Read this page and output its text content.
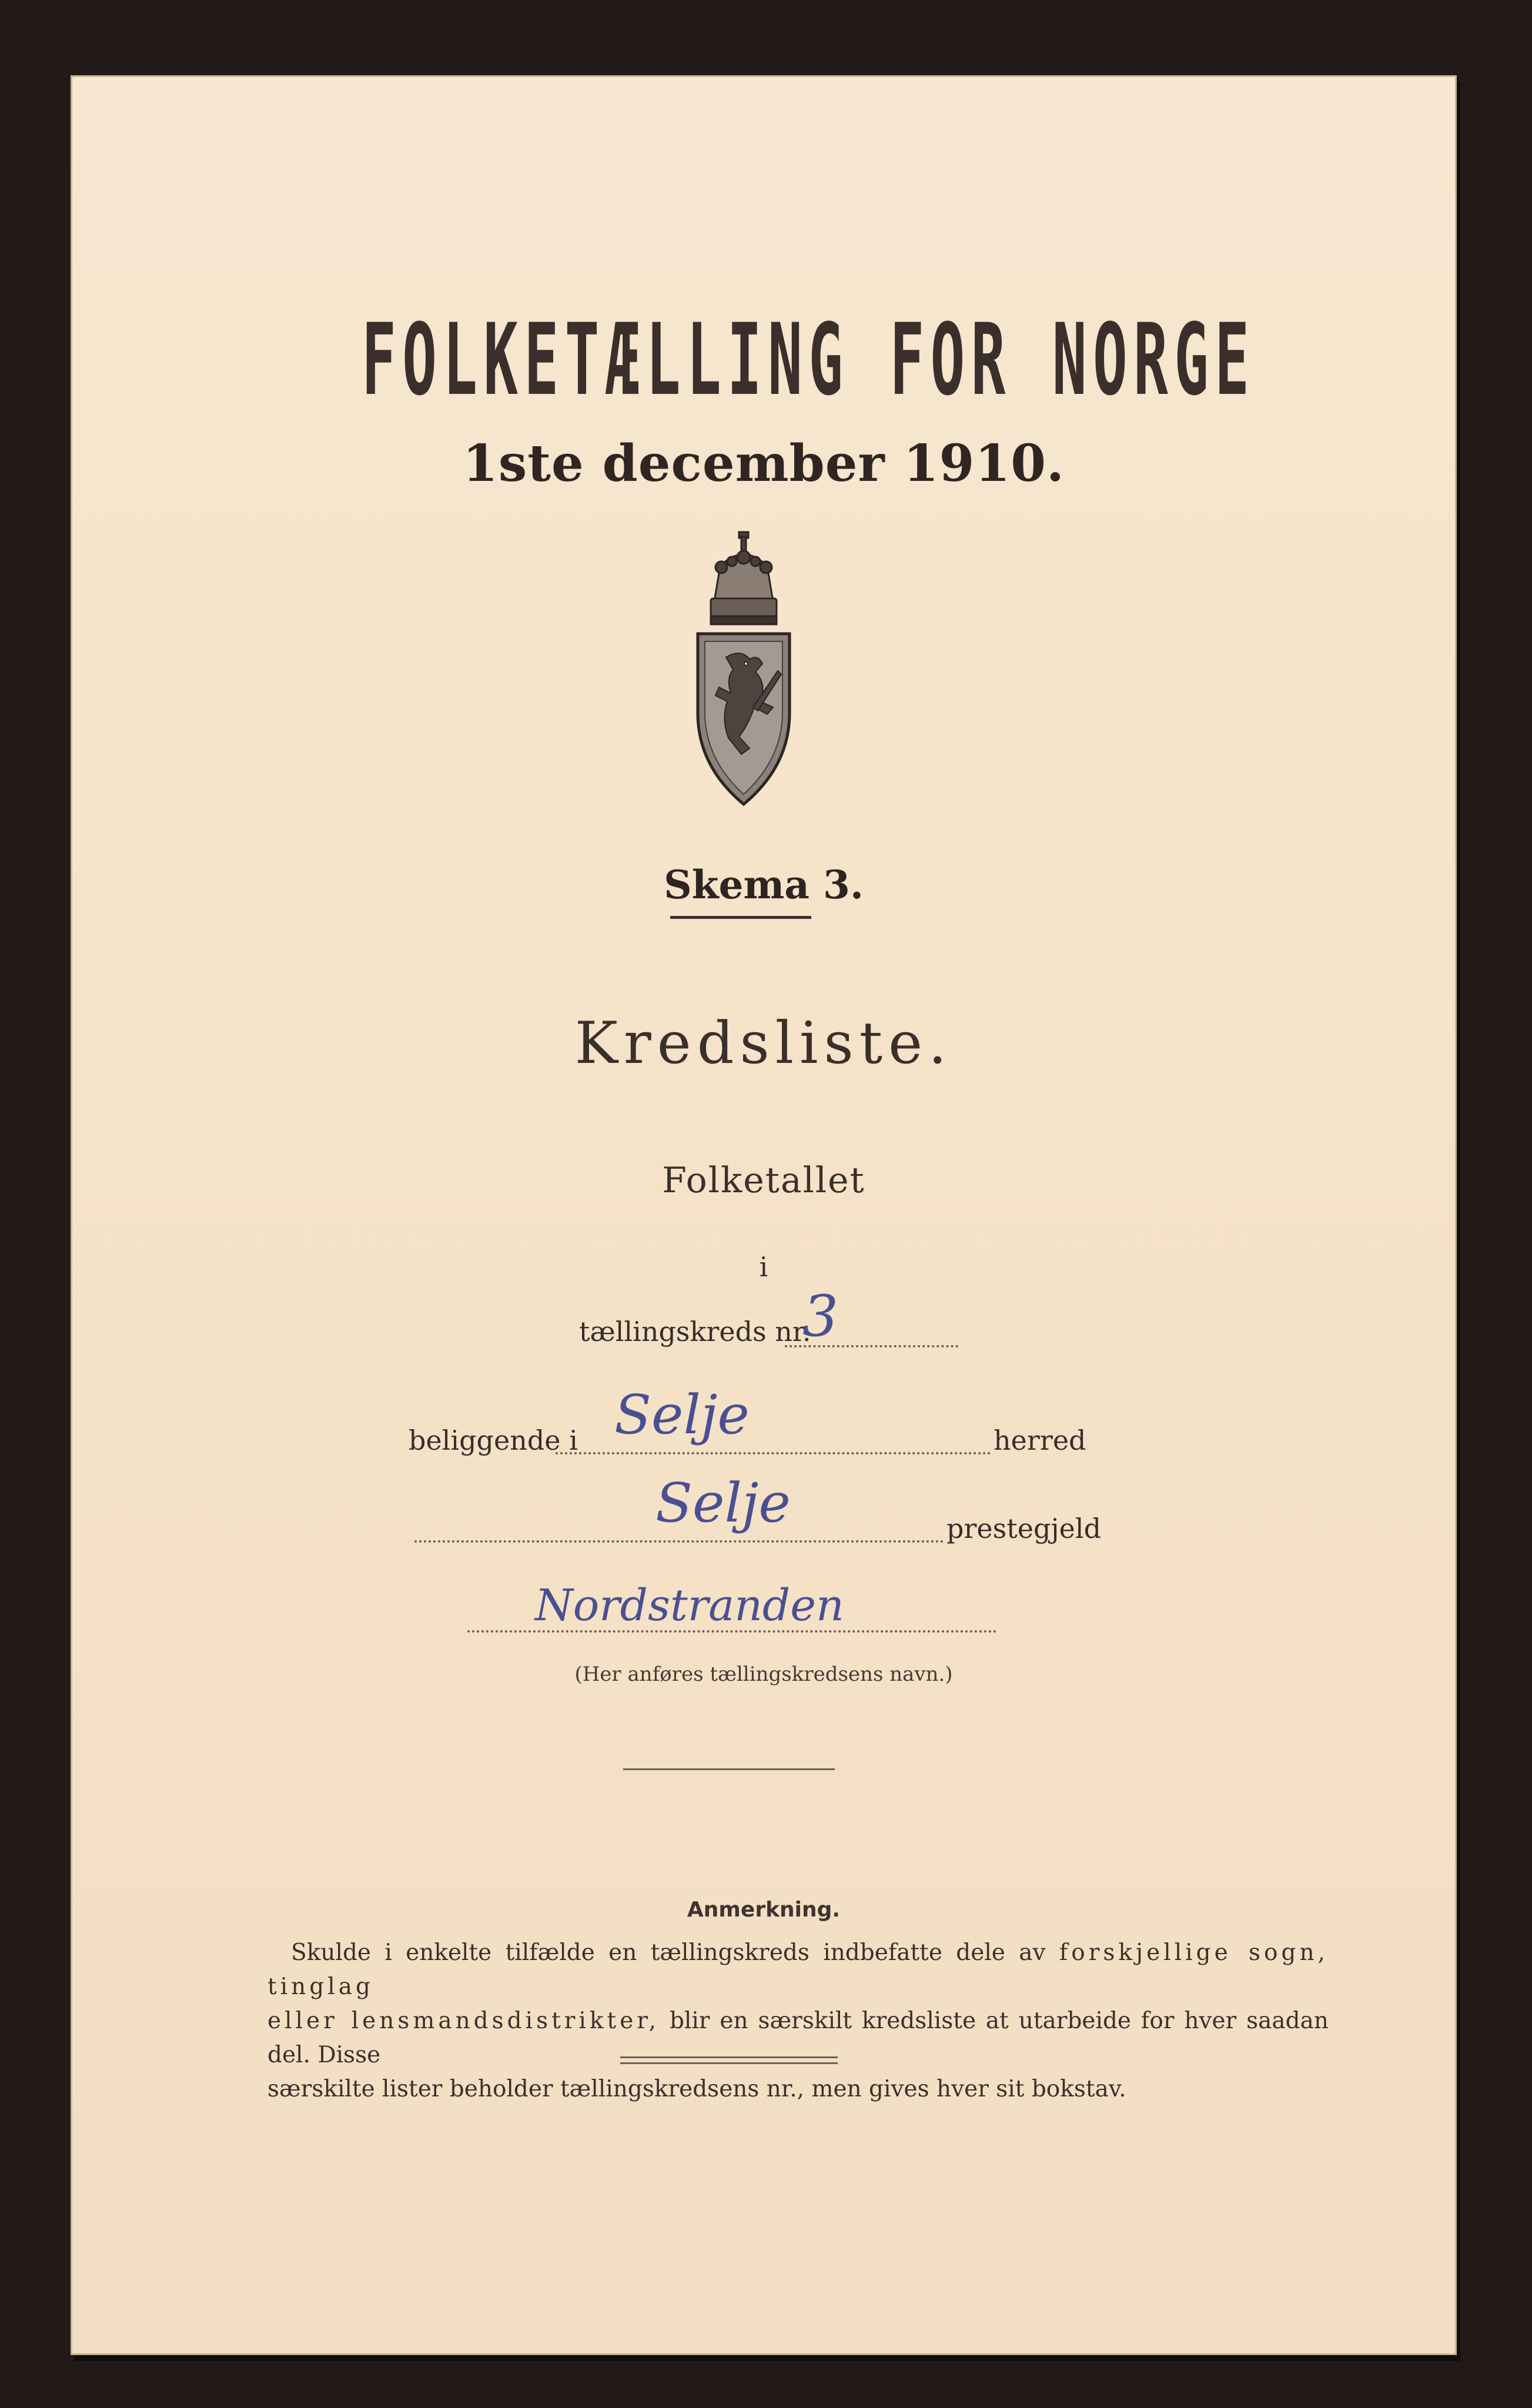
FOLKETÆLLING FOR NORGE
1ste december 1910.
Skema 3.
Kredsliste.
Folketallet
i
tællingskreds nr.
3
beliggende i Selje	herred
Selje	prestegjeld
Nordstranden
(Her anføres tællingskredsens navn.)
Anmerkning.
Skulde i enkelte tilfælde en tællingskreds indbefatte dele av forskjellige sogn, tinglag
eller lensmandsdistrikter, blir en særskilt kredsliste at utarbeide for hver saadan del. Disse
særskilte lister beholder tællingskredsens nr., men gives hver sit bokstav.
